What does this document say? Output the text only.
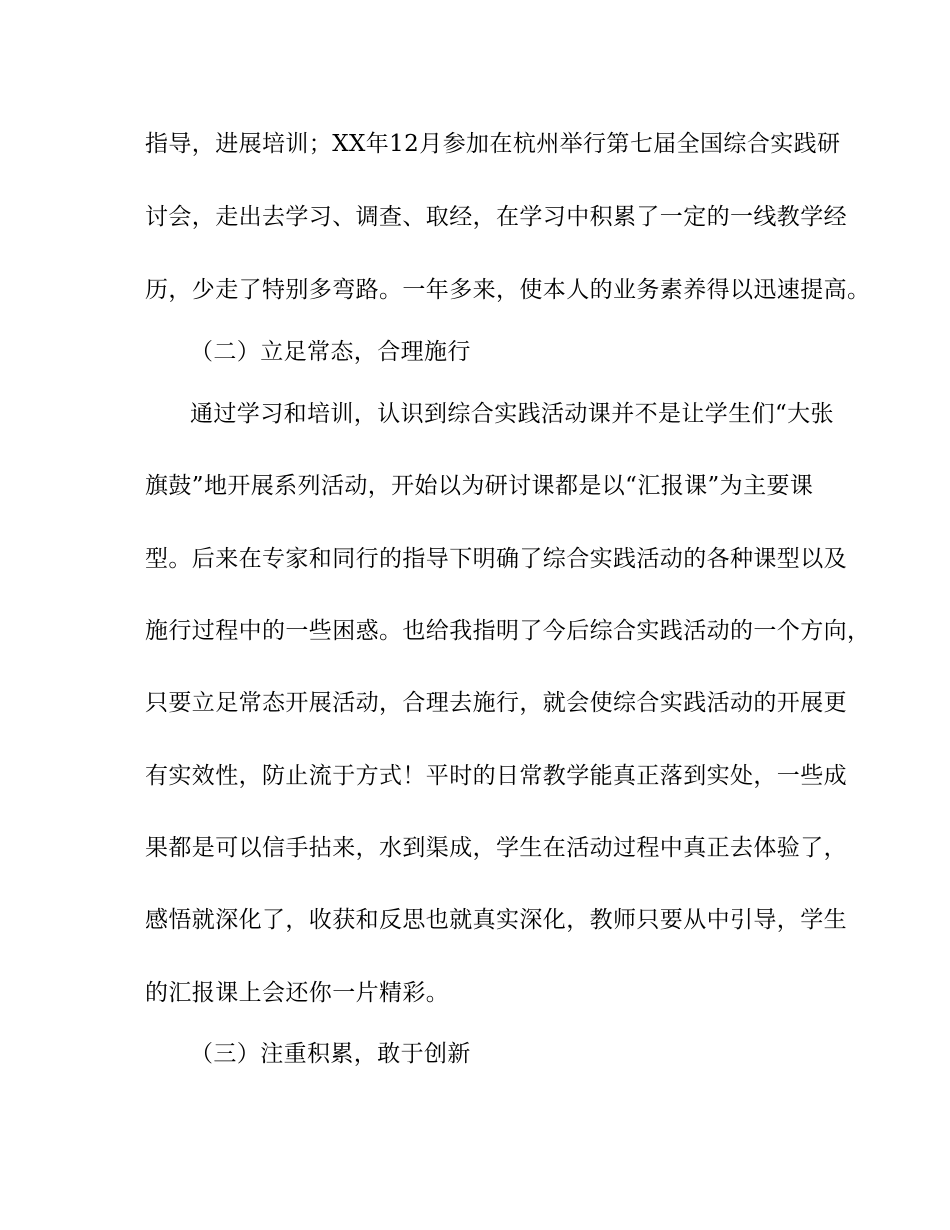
指导，进展培训；XX年12月参加在杭州举行第七届全国综合实践研
讨会，走出去学习、调查、取经，在学习中积累了一定的一线教学经
历，少走了特别多弯路。一年多来，使本人的业务素养得以迅速提高。
（二）立足常态，合理施行
通过学习和培训，认识到综合实践活动课并不是让学生们“大张
旗鼓”地开展系列活动，开始以为研讨课都是以“汇报课”为主要课
型。后来在专家和同行的指导下明确了综合实践活动的各种课型以及
施行过程中的一些困惑。也给我指明了今后综合实践活动的一个方向，
只要立足常态开展活动，合理去施行，就会使综合实践活动的开展更
有实效性，防止流于方式！平时的日常教学能真正落到实处，一些成
果都是可以信手拈来，水到渠成，学生在活动过程中真正去体验了，
感悟就深化了，收获和反思也就真实深化，教师只要从中引导，学生
的汇报课上会还你一片精彩。
（三）注重积累，敢于创新
